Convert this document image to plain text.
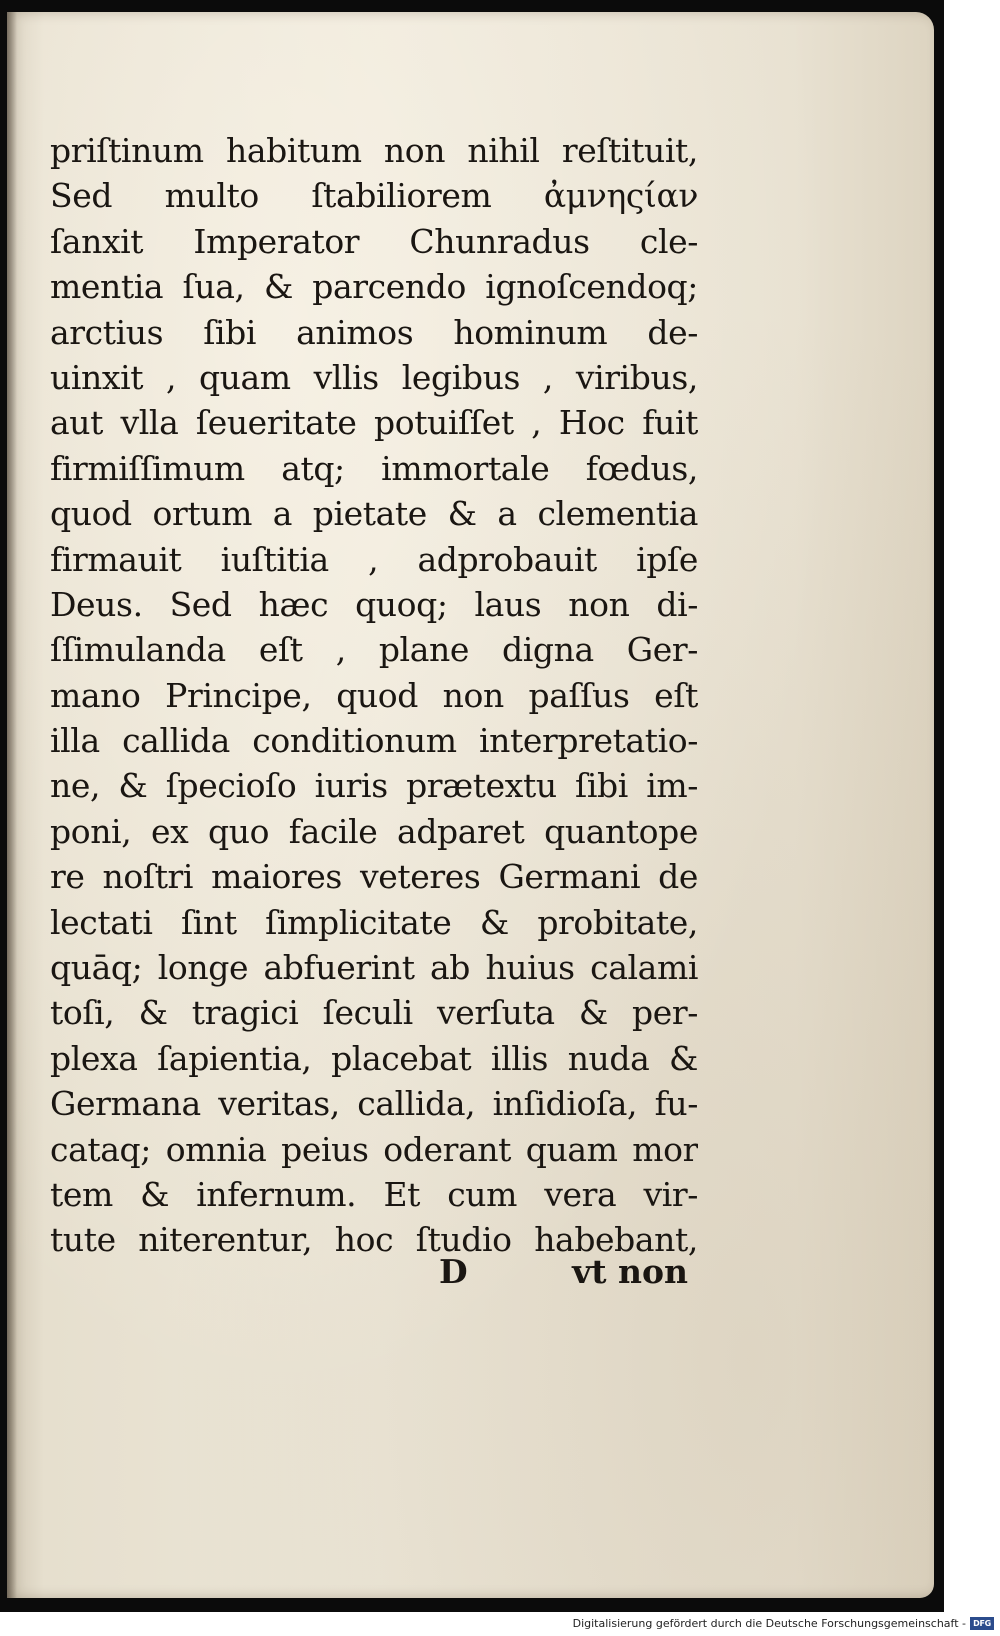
priſtinum habitum non nihil reſtituit,
Sed multo ſtabiliorem ἀμνηςίαν
ſanxit Imperator Chunradus cle-
mentia ſua, & parcendo ignoſcendoq;
arctius ſibi animos hominum de-
uinxit , quam vllis legibus , viribus,
aut vlla ſeueritate potuiſſet , Hoc fuit
firmiſſimum atq; immortale fœdus,
quod ortum a pietate & a clementia
firmauit iuſtitia , adprobauit ipſe
Deus. Sed hæc quoq; laus non di-
ſſimulanda eſt , plane digna Ger-
mano Principe, quod non paſſus eſt
illa callida conditionum interpretatio-
ne, & ſpecioſo iuris prætextu ſibi im-
poni, ex quo facile adparet quantope
re noſtri maiores veteres Germani de
lectati ſint ſimplicitate & probitate,
quāq; longe abfuerint ab huius calami
toſi, & tragici ſeculi verſuta & per-
plexa ſapientia, placebat illis nuda &
Germana veritas, callida, inſidioſa, fu-
cataq; omnia peius oderant quam mor
tem & infernum. Et cum vera vir-
tute niterentur, hoc ſtudio habebant,
D	vt non
Digitalisierung gefördert durch die Deutsche Forschungsgemeinschaft - DFG
